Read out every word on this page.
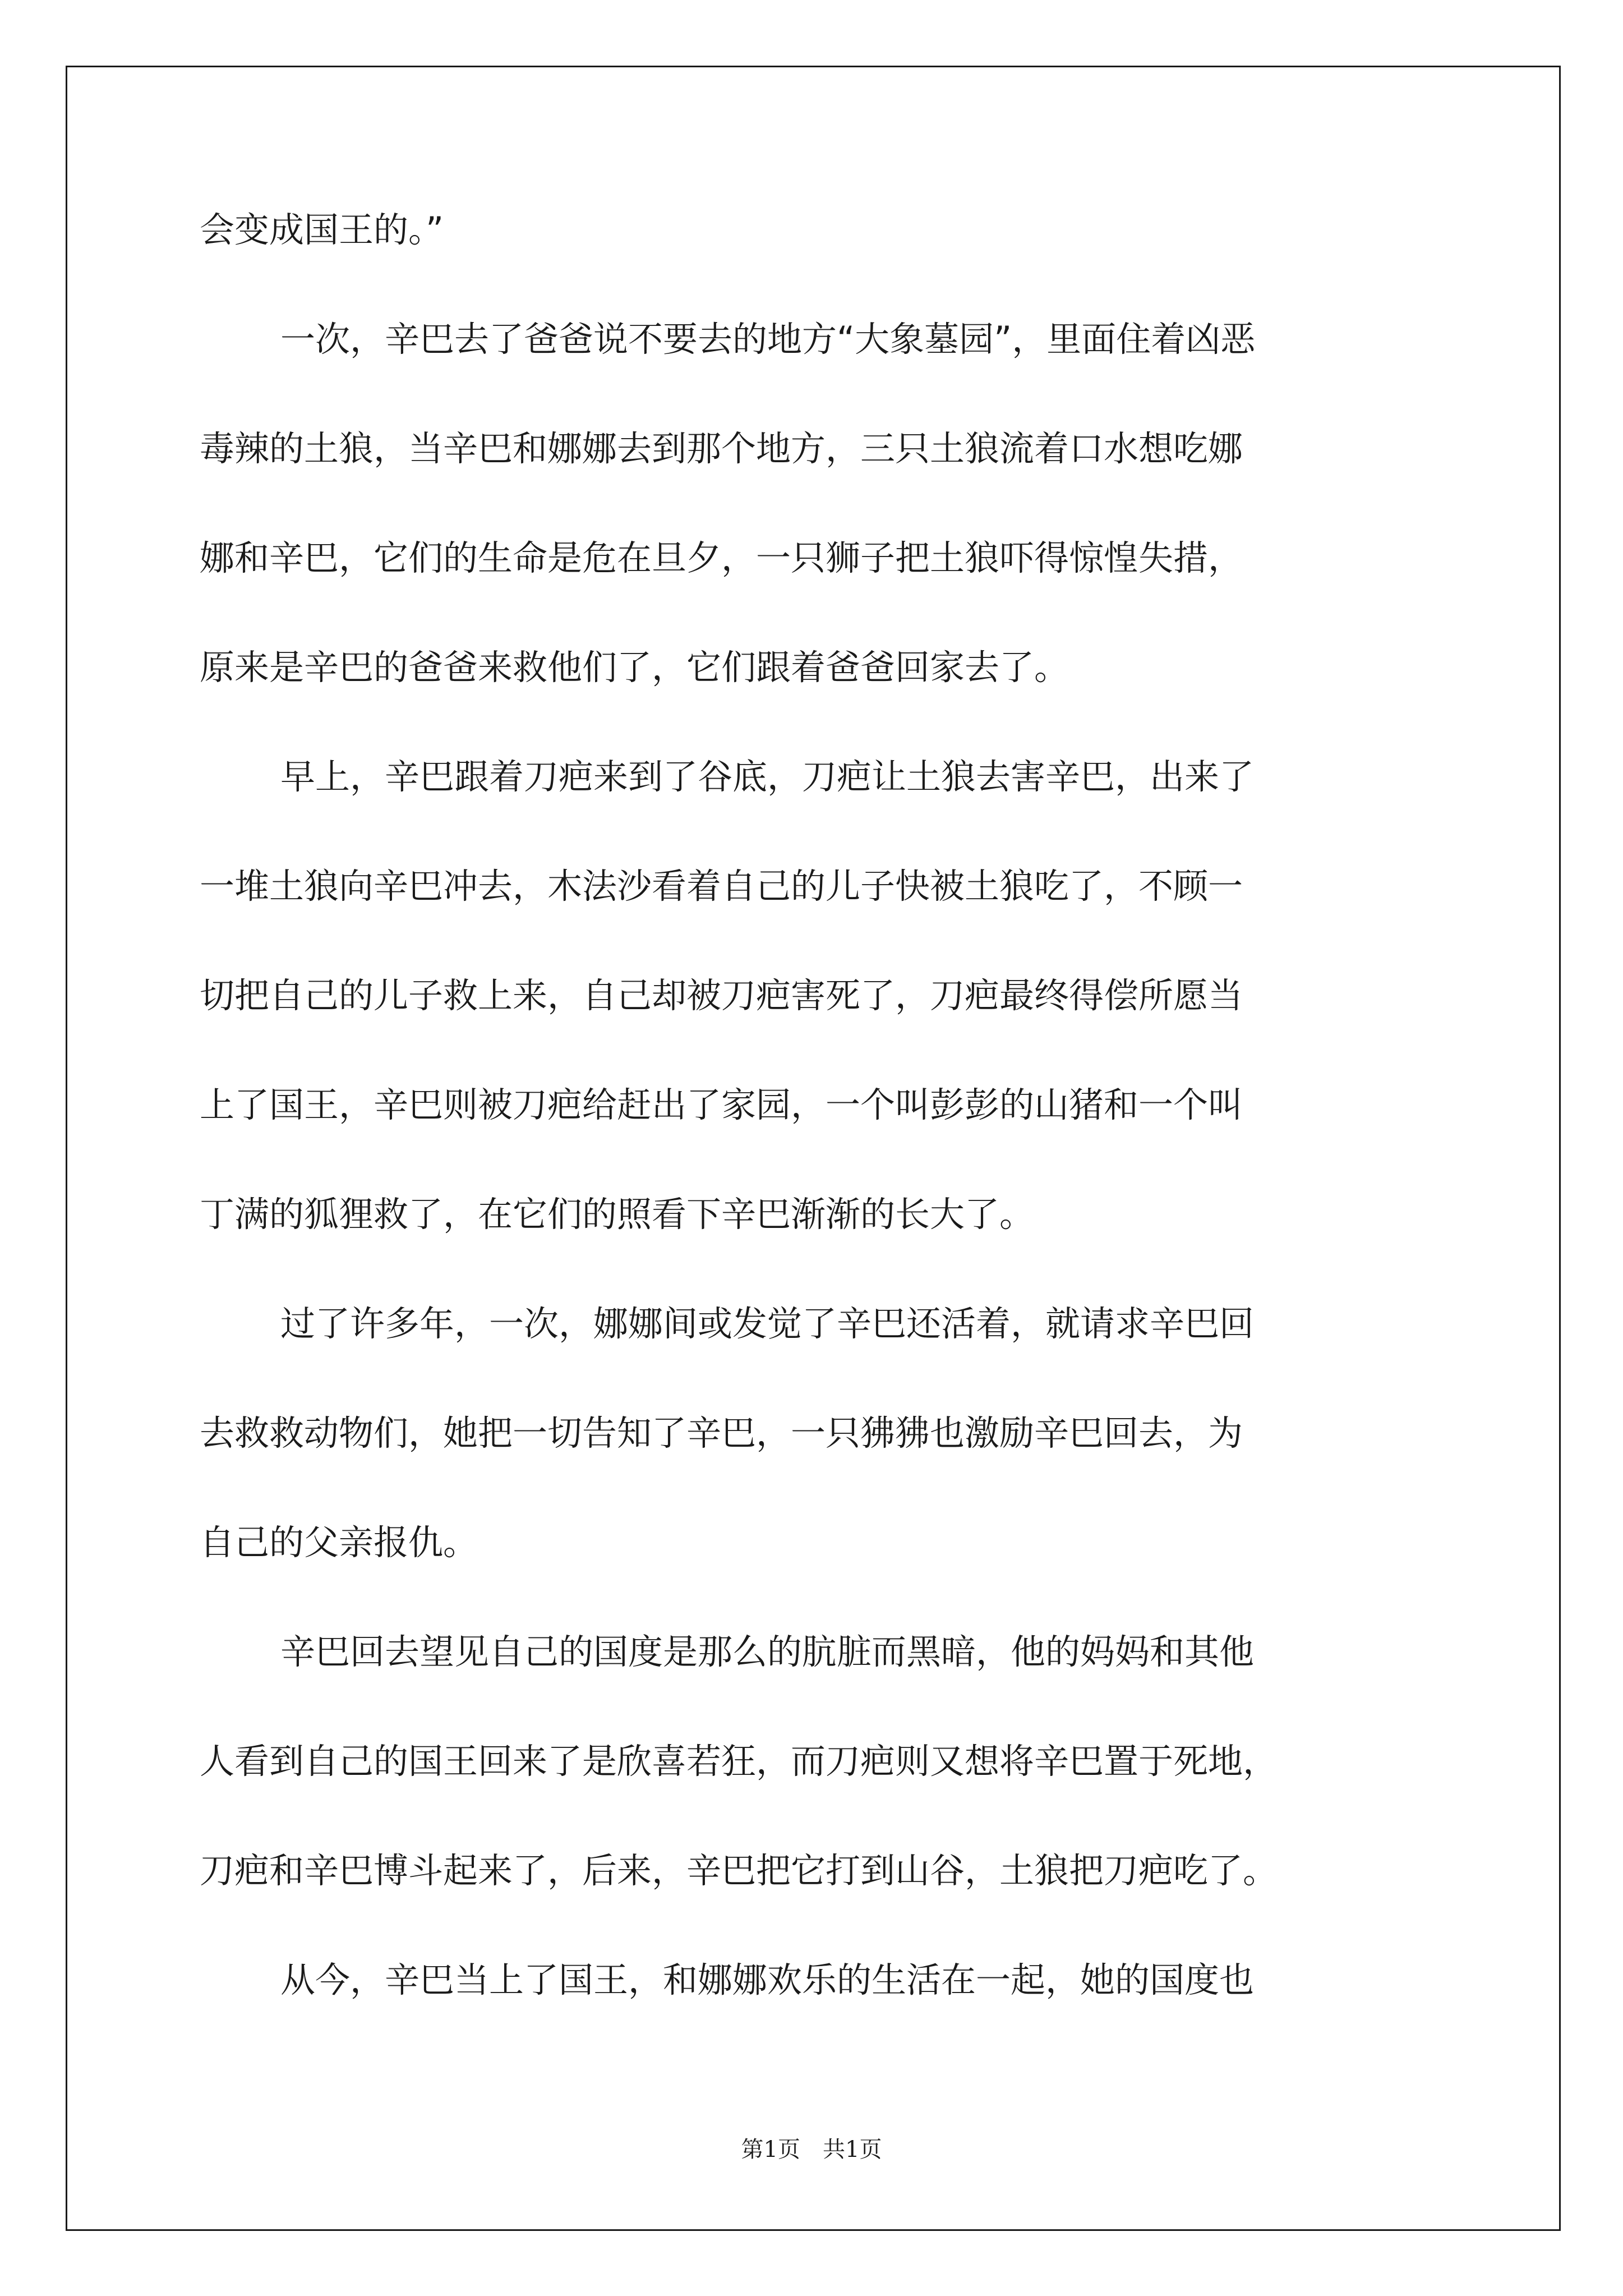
会变成国王的。”
一次，辛巴去了爸爸说不要去的地方“大象墓园”，里面住着凶恶
毒辣的土狼，当辛巴和娜娜去到那个地方，三只土狼流着口水想吃娜
娜和辛巴，它们的生命是危在旦夕，一只狮子把土狼吓得惊惶失措，
原来是辛巴的爸爸来救他们了，它们跟着爸爸回家去了。
早上，辛巴跟着刀疤来到了谷底，刀疤让土狼去害辛巴，出来了
一堆土狼向辛巴冲去，木法沙看着自己的儿子快被土狼吃了，不顾一
切把自己的儿子救上来，自己却被刀疤害死了，刀疤最终得偿所愿当
上了国王，辛巴则被刀疤给赶出了家园，一个叫彭彭的山猪和一个叫
丁满的狐狸救了，在它们的照看下辛巴渐渐的长大了。
过了许多年，一次，娜娜间或发觉了辛巴还活着，就请求辛巴回
去救救动物们，她把一切告知了辛巴，一只狒狒也激励辛巴回去，为
自己的父亲报仇。
辛巴回去望见自己的国度是那么的肮脏而黑暗，他的妈妈和其他
人看到自己的国王回来了是欣喜若狂，而刀疤则又想将辛巴置于死地，
刀疤和辛巴博斗起来了，后来，辛巴把它打到山谷，土狼把刀疤吃了。
从今，辛巴当上了国王，和娜娜欢乐的生活在一起，她的国度也
第1页　共1页
